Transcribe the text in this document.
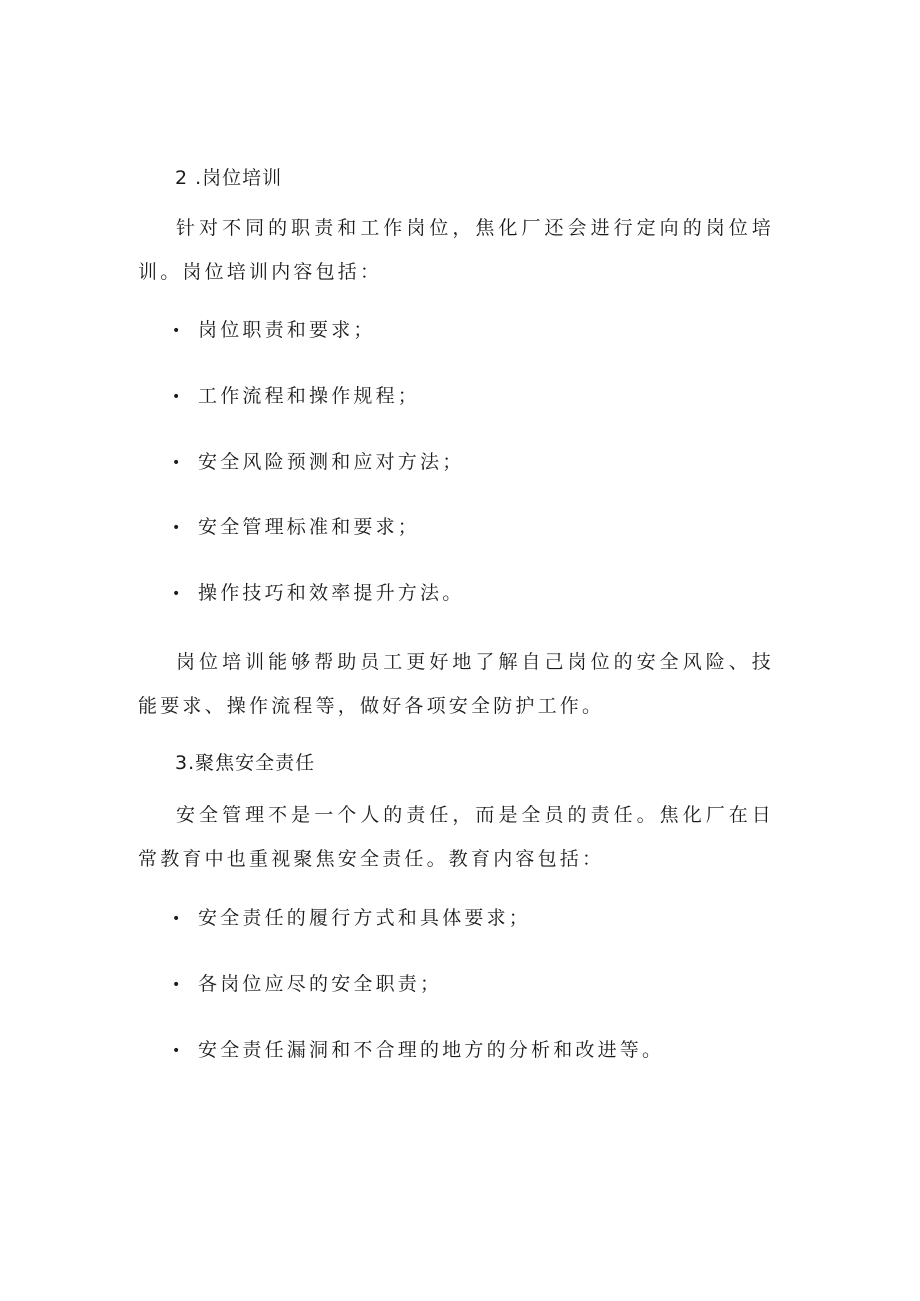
2 .岗位培训
针对不同的职责和工作岗位，焦化厂还会进行定向的岗位培训。岗位培训内容包括：
• 岗位职责和要求；
• 工作流程和操作规程；
• 安全风险预测和应对方法；
• 安全管理标准和要求；
• 操作技巧和效率提升方法。
岗位培训能够帮助员工更好地了解自己岗位的安全风险、技能要求、操作流程等，做好各项安全防护工作。
3.聚焦安全责任
安全管理不是一个人的责任，而是全员的责任。焦化厂在日常教育中也重视聚焦安全责任。教育内容包括：
• 安全责任的履行方式和具体要求；
• 各岗位应尽的安全职责；
• 安全责任漏洞和不合理的地方的分析和改进等。
